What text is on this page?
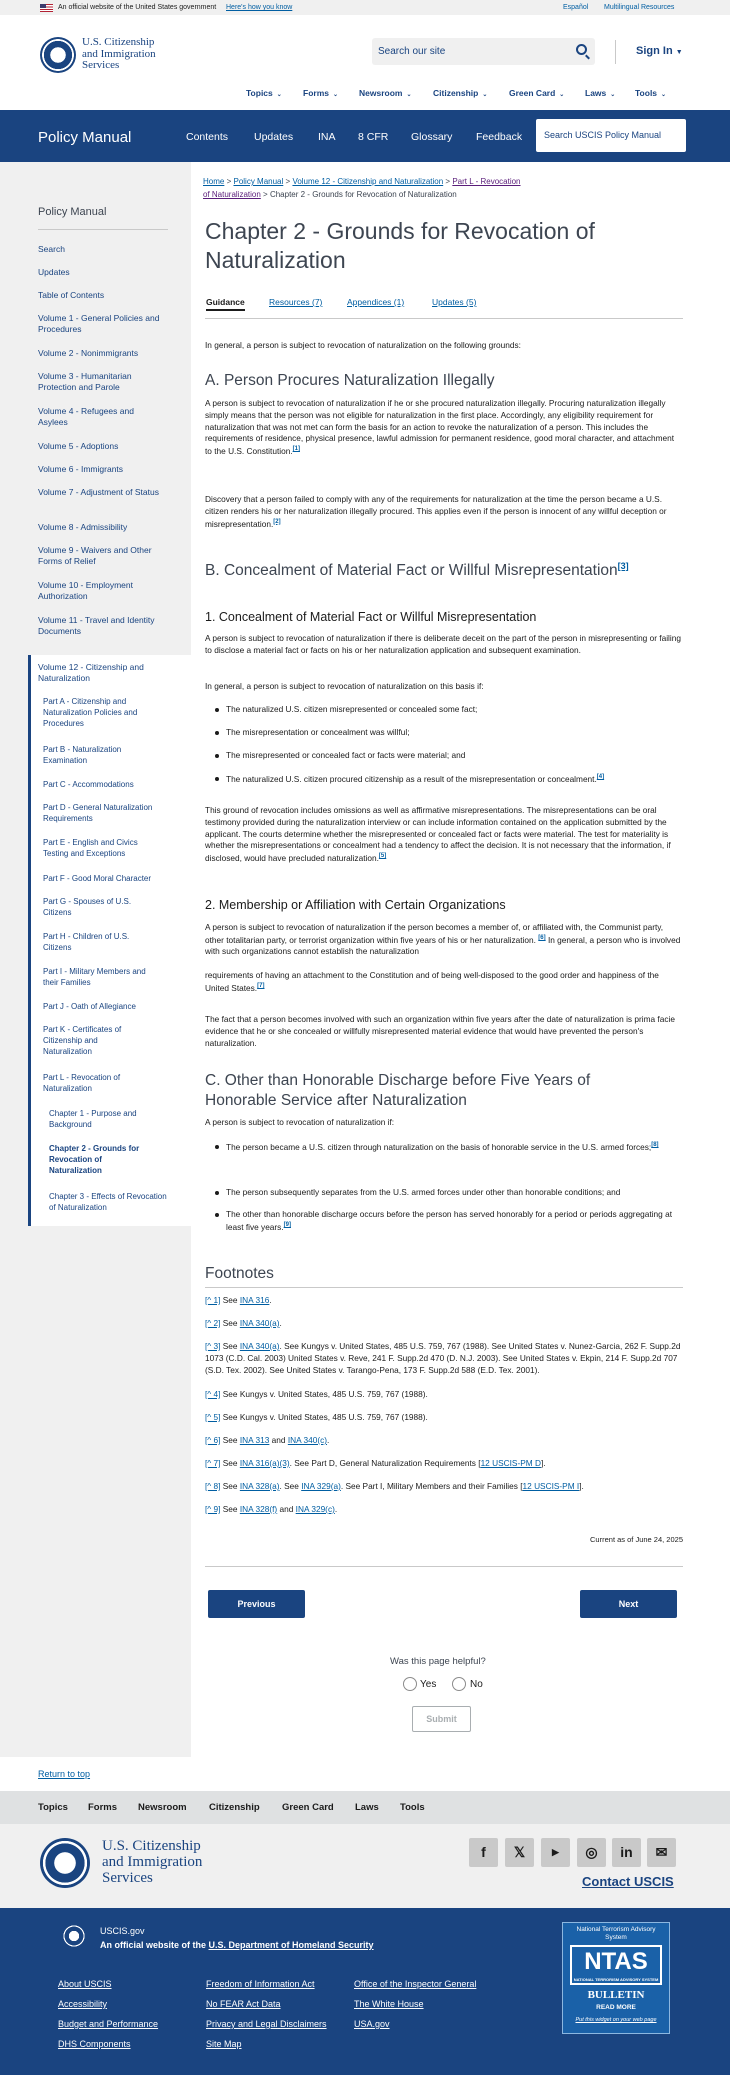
An official website of the United States government Here's how you know	Español Multilingual Resources
U.S. Citizenship
and Immigration
Services
Search our site	Sign In ▼
Topics ⌄ Forms ⌄ Newsroom ⌄	Citizenship ⌄	Green Card ⌄ Laws ⌄ Tools ⌄
Policy Manual	Contents Updates INA 8 CFR Glossary Feedback Search USCIS Policy Manual
Policy Manual
Search
Updates
Table of Contents
Volume 1 - General Policies and Procedures
Volume 2 - Nonimmigrants
Volume 3 - Humanitarian Protection and Parole
Volume 4 - Refugees and Asylees
Volume 5 - Adoptions
Volume 6 - Immigrants
Volume 7 - Adjustment of Status
Volume 8 - Admissibility
Volume 9 - Waivers and Other Forms of Relief
Volume 10 - Employment Authorization
Volume 11 - Travel and Identity Documents
Volume 12 - Citizenship and Naturalization
Part A - Citizenship and Naturalization Policies and Procedures
Part B - Naturalization Examination
Part C - Accommodations
Part D - General Naturalization Requirements
Part E - English and Civics Testing and Exceptions
Part F - Good Moral Character
Part G - Spouses of U.S. Citizens
Part H - Children of U.S. Citizens
Part I - Military Members and their Families
Part J - Oath of Allegiance
Part K - Certificates of Citizenship and Naturalization
Part L - Revocation of Naturalization
Chapter 1 - Purpose and Background
Chapter 2 - Grounds for Revocation of Naturalization
Chapter 3 - Effects of Revocation of Naturalization
Home > Policy Manual > Volume 12 - Citizenship and Naturalization > Part L - Revocation
of Naturalization > Chapter 2 - Grounds for Revocation of Naturalization
Chapter 2 - Grounds for Revocation of
Naturalization
Guidance	Resources (7)	Appendices (1)	Updates (5)
In general, a person is subject to revocation of naturalization on the following grounds:
A. Person Procures Naturalization Illegally
A person is subject to revocation of naturalization if he or she procured naturalization illegally. Procuring naturalization illegally simply means that the person was not eligible for naturalization in the first place. Accordingly, any eligibility requirement for naturalization that was not met can form the basis for an action to revoke the naturalization of a person. This includes the requirements of residence, physical presence, lawful admission for permanent residence, good moral character, and attachment to the U.S. Constitution.[1]
Discovery that a person failed to comply with any of the requirements for naturalization at the time the person became a U.S. citizen renders his or her naturalization illegally procured. This applies even if the person is innocent of any willful deception or misrepresentation.[2]
B. Concealment of Material Fact or Willful Misrepresentation[3]
1. Concealment of Material Fact or Willful Misrepresentation
A person is subject to revocation of naturalization if there is deliberate deceit on the part of the person in misrepresenting or failing to disclose a material fact or facts on his or her naturalization application and subsequent examination.
In general, a person is subject to revocation of naturalization on this basis if:
The naturalized U.S. citizen misrepresented or concealed some fact;
The misrepresentation or concealment was willful;
The misrepresented or concealed fact or facts were material; and
The naturalized U.S. citizen procured citizenship as a result of the misrepresentation or concealment.[4]
This ground of revocation includes omissions as well as affirmative misrepresentations. The misrepresentations can be oral testimony provided during the naturalization interview or can include information contained on the application submitted by the applicant. The courts determine whether the misrepresented or concealed fact or facts were material. The test for materiality is whether the misrepresentations or concealment had a tendency to affect the decision. It is not necessary that the information, if disclosed, would have precluded naturalization.[5]
2. Membership or Affiliation with Certain Organizations
A person is subject to revocation of naturalization if the person becomes a member of, or affiliated with, the Communist party, other totalitarian party, or terrorist organization within five years of his or her naturalization. [6] In general, a person who is involved with such organizations cannot establish the naturalization
requirements of having an attachment to the Constitution and of being well-disposed to the good order and happiness of the United States.[7]
The fact that a person becomes involved with such an organization within five years after the date of naturalization is prima facie evidence that he or she concealed or willfully misrepresented material evidence that would have prevented the person's naturalization.
C. Other than Honorable Discharge before Five Years of
Honorable Service after Naturalization
A person is subject to revocation of naturalization if:
The person became a U.S. citizen through naturalization on the basis of honorable service in the U.S. armed forces;[8]
The person subsequently separates from the U.S. armed forces under other than honorable conditions; and
The other than honorable discharge occurs before the person has served honorably for a period or periods aggregating at least five years.[9]
Footnotes
[^ 1] See INA 316.
[^ 2] See INA 340(a).
[^ 3] See INA 340(a). See Kungys v. United States, 485 U.S. 759, 767 (1988). See United States v. Nunez-Garcia, 262 F. Supp.2d 1073 (C.D. Cal. 2003) United States v. Reve, 241 F. Supp.2d 470 (D. N.J. 2003). See United States v. Ekpin, 214 F. Supp.2d 707 (S.D. Tex. 2002). See United States v. Tarango-Pena, 173 F. Supp.2d 588 (E.D. Tex. 2001).
[^ 4] See Kungys v. United States, 485 U.S. 759, 767 (1988).
[^ 5] See Kungys v. United States, 485 U.S. 759, 767 (1988).
[^ 6] See INA 313 and INA 340(c).
[^ 7] See INA 316(a)(3). See Part D, General Naturalization Requirements [12 USCIS-PM D].
[^ 8] See INA 328(a). See INA 329(a). See Part I, Military Members and their Families [12 USCIS-PM I].
[^ 9] See INA 328(f) and INA 329(c).
Current as of June 24, 2025
Previous	Next
Was this page helpful?
Yes	No
Submit
Return to top
Topics Forms Newsroom Citizenship Green Card Laws Tools
U.S. Citizenship
and Immigration
Services
f	𝕏	▶	◎	in	✉
Contact USCIS
USCIS.gov
An official website of the U.S. Department of Homeland Security
About USCIS
Accessibility
Budget and Performance
DHS Components
Freedom of Information Act
No FEAR Act Data
Privacy and Legal Disclaimers
Site Map
Office of the Inspector General
The White House
USA.gov
National Terrorism Advisory System
NTAS
NATIONAL TERRORISM ADVISORY SYSTEM
BULLETIN
READ MORE
Put this widget on your web page
